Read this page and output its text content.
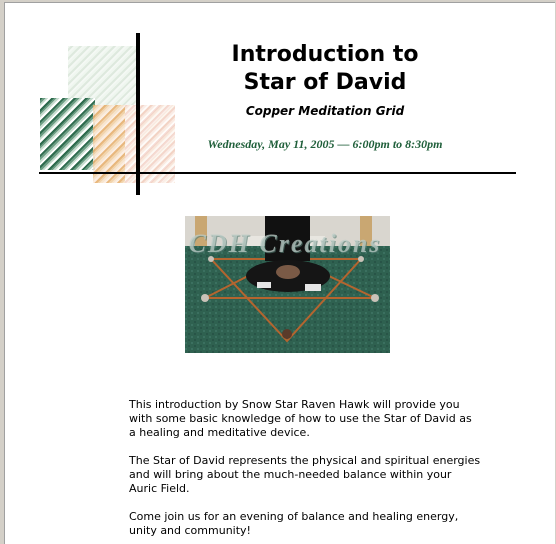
Introduction to
Star of David
Copper Meditation Grid
Wednesday, May 11, 2005 — 6:00pm to 8:30pm
CDH Creations

This introduction by Snow Star Raven Hawk will provide you with some basic knowledge of how to use the Star of David as a healing and meditative device.

The Star of David represents the physical and spiritual energies and will bring about the much-needed balance within your Auric Field.

Come join us for an evening of balance and healing energy, unity and community!
